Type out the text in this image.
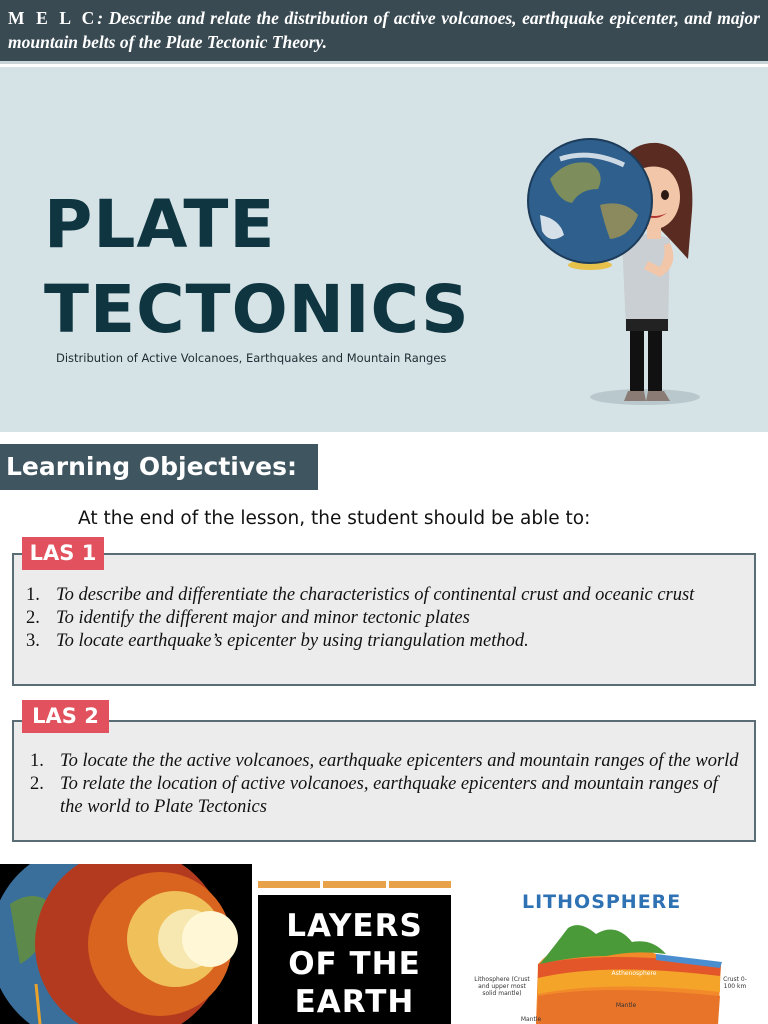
M E L C: Describe and relate the distribution of active volcanoes, earthquake epicenter, and major mountain belts of the Plate Tectonic Theory.
PLATE
TECTONICS
Distribution of Active Volcanoes, Earthquakes and Mountain Ranges
Learning Objectives:
At the end of the lesson, the student should be able to:
1. To describe and differentiate the characteristics of continental crust and oceanic crust
2. To identify the different major and minor tectonic plates
3. To locate earthquake’s epicenter by using triangulation method.
LAS 1
1. To locate the the active volcanoes, earthquake epicenters and mountain ranges of the world
2. To relate the location of active volcanoes, earthquake epicenters and mountain ranges of the world to Plate Tectonics
LAS 2
LAYERS
OF THE
EARTH
LITHOSPHERE
Lithosphere (Crust and upper most solid mantle)
Asthenosphere
Crust 0-100 km
Mantle
Mantle
